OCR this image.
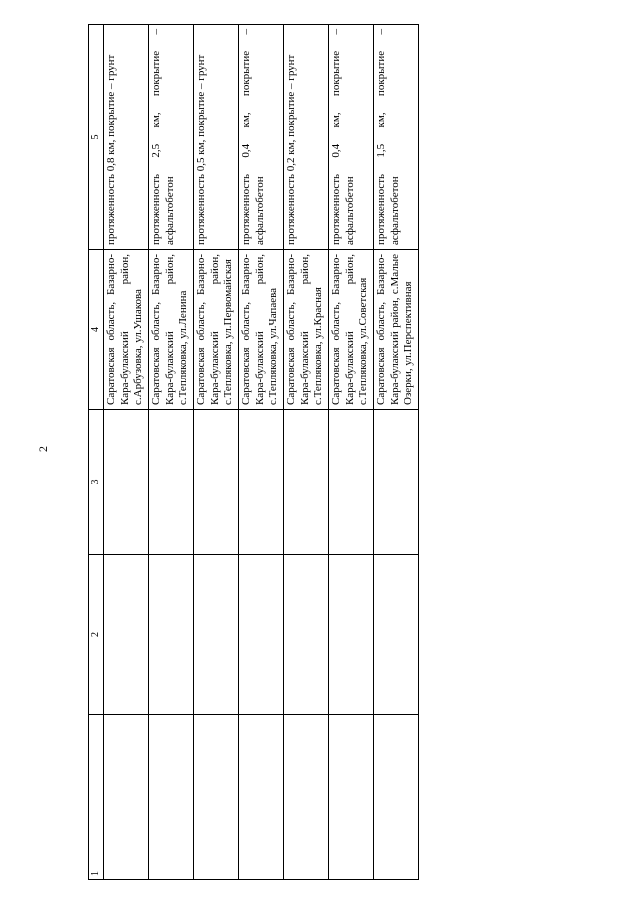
2
1	2	3	4	5
			Саратовская область, Базарно-Кара-булакский район, с.Арбузовка, ул.Ушакова	протяженность 0,8 км, покрытие – грунт
			Саратовская область, Базарно-Кара-булакский район, с.Тепляковка, ул.Ленина	протяженность 2,5 км, покрытие – асфальтобетон
			Саратовская область, Базарно-Кара-булакский район, с.Тепляковка, ул.Первомайская	протяженность 0,5 км, покрытие – грунт
			Саратовская область, Базарно-Кара-булакский район, с.Тепляковка, ул.Чапаева	протяженность 0,4 км, покрытие – асфальтобетон
			Саратовская область, Базарно-Кара-булакский район, с.Тепляковка, ул.Красная	протяженность 0,2 км, покрытие – грунт
			Саратовская область, Базарно-Кара-булакский район, с.Тепляковка, ул.Советская	протяженность 0,4 км, покрытие – асфальтобетон
			Саратовская область, Базарно-Кара-булакский район, с.Малые Озерки, ул.Перспективная	протяженность 1,5 км, покрытие – асфальтобетон
